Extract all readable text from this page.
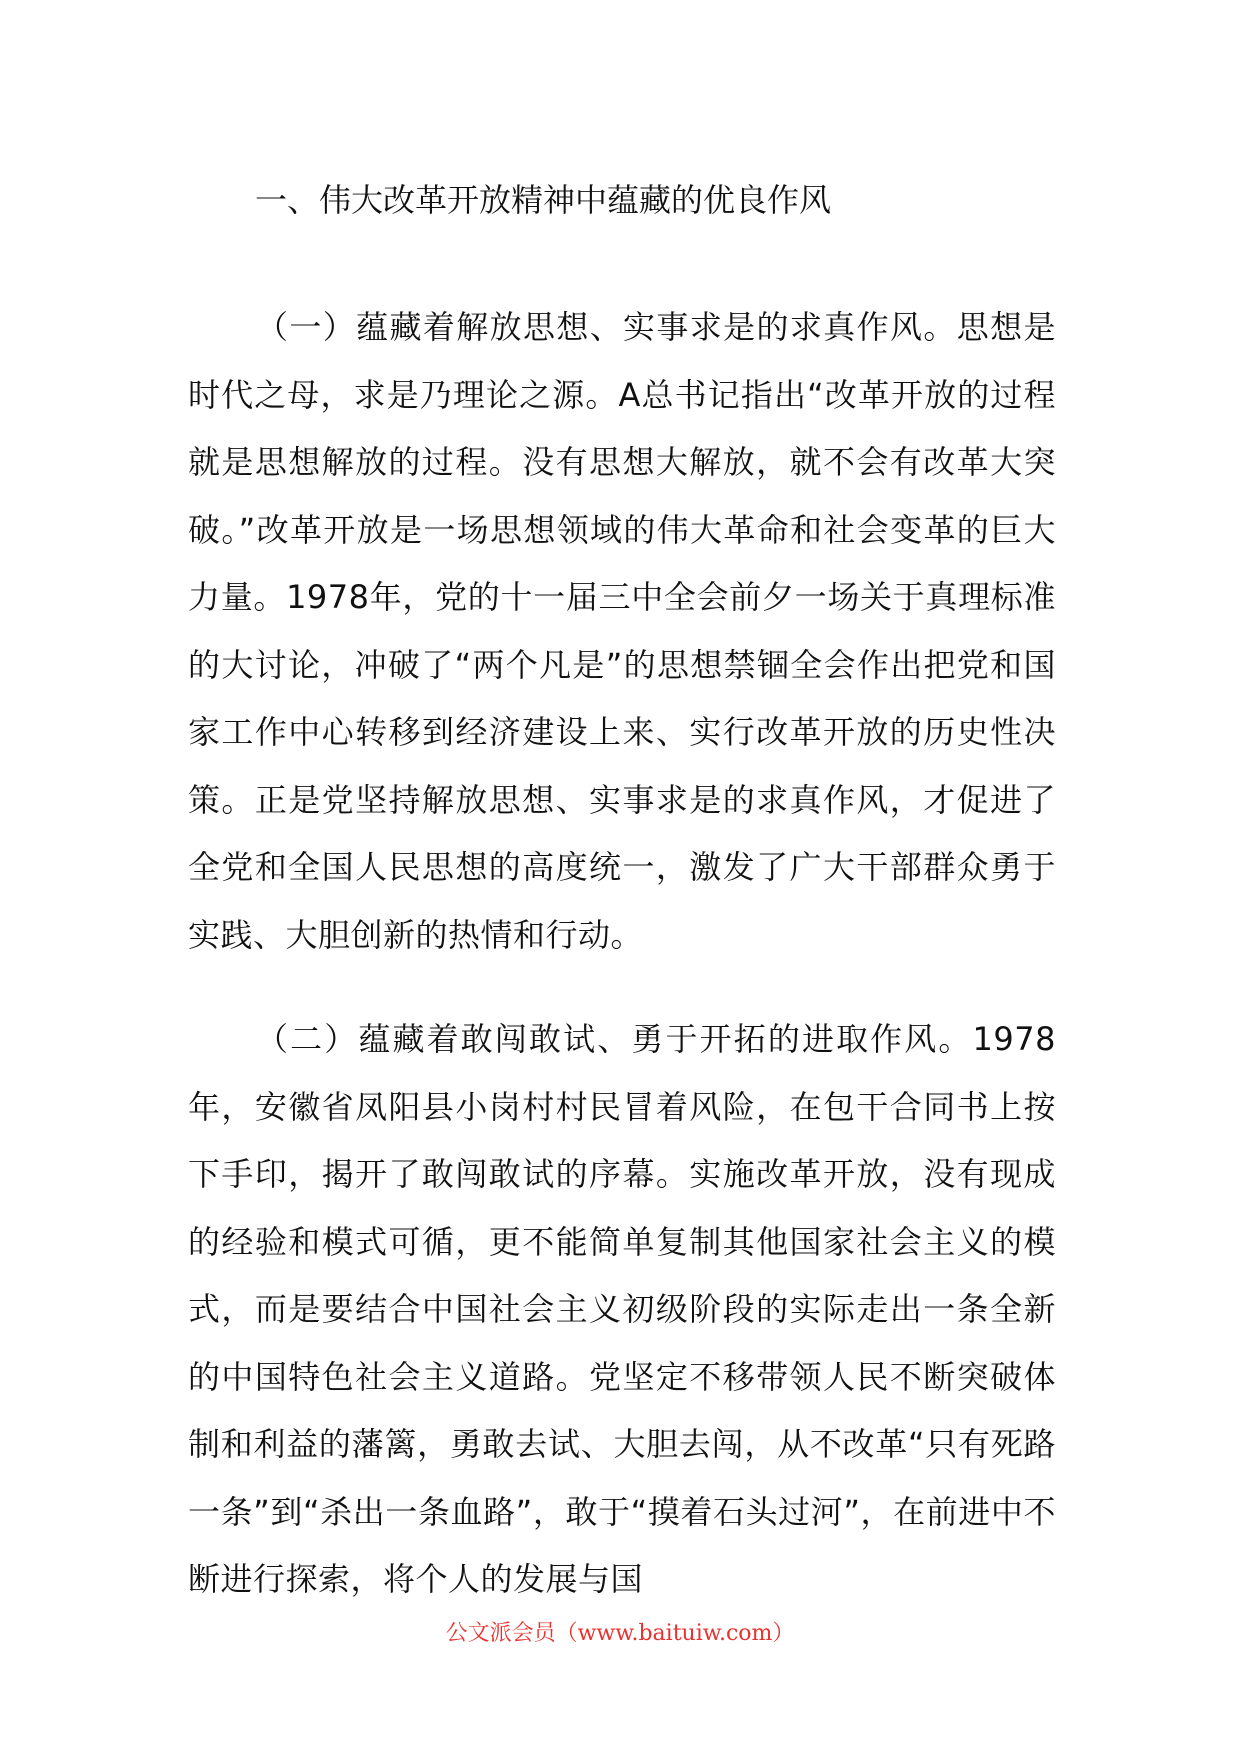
一、伟大改革开放精神中蕴藏的优良作风

（一）蕴藏着解放思想、实事求是的求真作风。思想是时代之母，求是乃理论之源。A总书记指出“改革开放的过程就是思想解放的过程。没有思想大解放，就不会有改革大突破。”改革开放是一场思想领域的伟大革命和社会变革的巨大力量。1978年，党的十一届三中全会前夕一场关于真理标准的大讨论，冲破了“两个凡是”的思想禁锢全会作出把党和国家工作中心转移到经济建设上来、实行改革开放的历史性决策。正是党坚持解放思想、实事求是的求真作风，才促进了全党和全国人民思想的高度统一，激发了广大干部群众勇于实践、大胆创新的热情和行动。

（二）蕴藏着敢闯敢试、勇于开拓的进取作风。1978年，安徽省凤阳县小岗村村民冒着风险，在包干合同书上按下手印，揭开了敢闯敢试的序幕。实施改革开放，没有现成的经验和模式可循，更不能简单复制其他国家社会主义的模式，而是要结合中国社会主义初级阶段的实际走出一条全新的中国特色社会主义道路。党坚定不移带领人民不断突破体制和利益的藩篱，勇敢去试、大胆去闯，从不改革“只有死路一条”到“杀出一条血路”，敢于“摸着石头过河”，在前进中不断进行探索，将个人的发展与国

公文派会员（www.baituiw.com）
